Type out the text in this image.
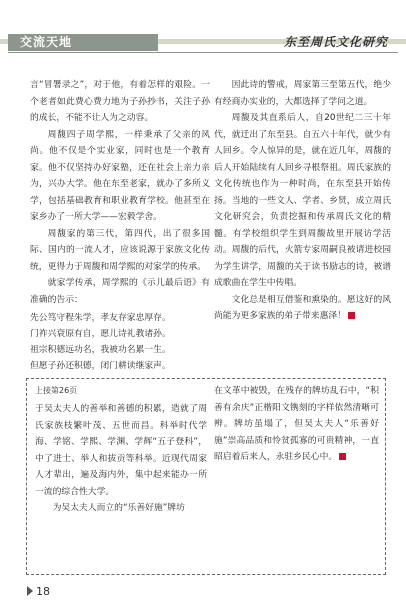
交流天地	东至周氏文化研究

言“冒署录之”，对于他，有着怎样的艰险。一个老者如此费心费力地为子孙抄书，关注子孙的成长，不能不让人为之动容。

周馥四子周学熙，一样秉承了父亲的风尚。他不仅是个实业家，同时也是一个教育家。他不仅坚持办好家塾，还在社会上亲力亲为，兴办大学。他在东至老家，就办了多所义学，包括基础教育和职业教育学校。他甚至在家乡办了一所大学——宏毅学舍。

周馥家的第三代，第四代，出了很多国际、国内的一流人才，应该说源于家族文化传统，更得力于周馥和周学熙的对家学的传承。

就家学传承，周学熙的《示儿最后语》有准确的告示：

先公笃守程朱学，孝友存家忠厚存。
门祚兴衰原有自，愿儿诗礼教诸孙。
祖宗积德远功名，我被功名累一生。
但愿子孙还积德，闭门耕读继家声。

因此诗的警戒，周家第三至第五代，绝少有经商办实业的，大都选择了学问之道。

周馥及其直系后人，自20世纪二三十年代，就迁出了东至县。自五六十年代，就少有人回乡。令人惊异的是，就在近几年，周馥的后人开始陆续有人回乡寻根祭祖。周氏家族的文化传统也作为一种时尚，在东至县开始传扬。当地的一些文人、学者、乡贤，成立周氏文化研究会，负责挖掘和传承周氏文化的精髓。有学校组织学生到周馥故里开展访学活动。周馥的后代，火箭专家周嗣良被请进校园为学生讲学，周馥的关于读书励志的诗，被谱成歌曲在学生中传唱。

文化总是相互借鉴和熏染的。愿这好的风尚能为更多家族的弟子带来惠泽！

上接第26页

于吴太夫人的善举和善德的积累，造就了周氏家族枝繁叶茂、五世而昌。科举时代学海、学铭、学熙、学渊、学辉“五子登科”，中了进士、举人和拔贡等科举。近现代周家人才辈出，遍及海内外，集中起来能办一所一流的综合性大学。

为吴太夫人而立的“乐善好施”牌坊

在文革中被毁，在残存的牌坊乱石中，“积善有余庆”正楷阳文镌刻的字样依然清晰可辨。牌坊虽塌了，但吴太夫人“乐善好施”崇高品质和怜贫孤寡的可贵精神，一直昭启着后来人，永驻乡民心中。

18
